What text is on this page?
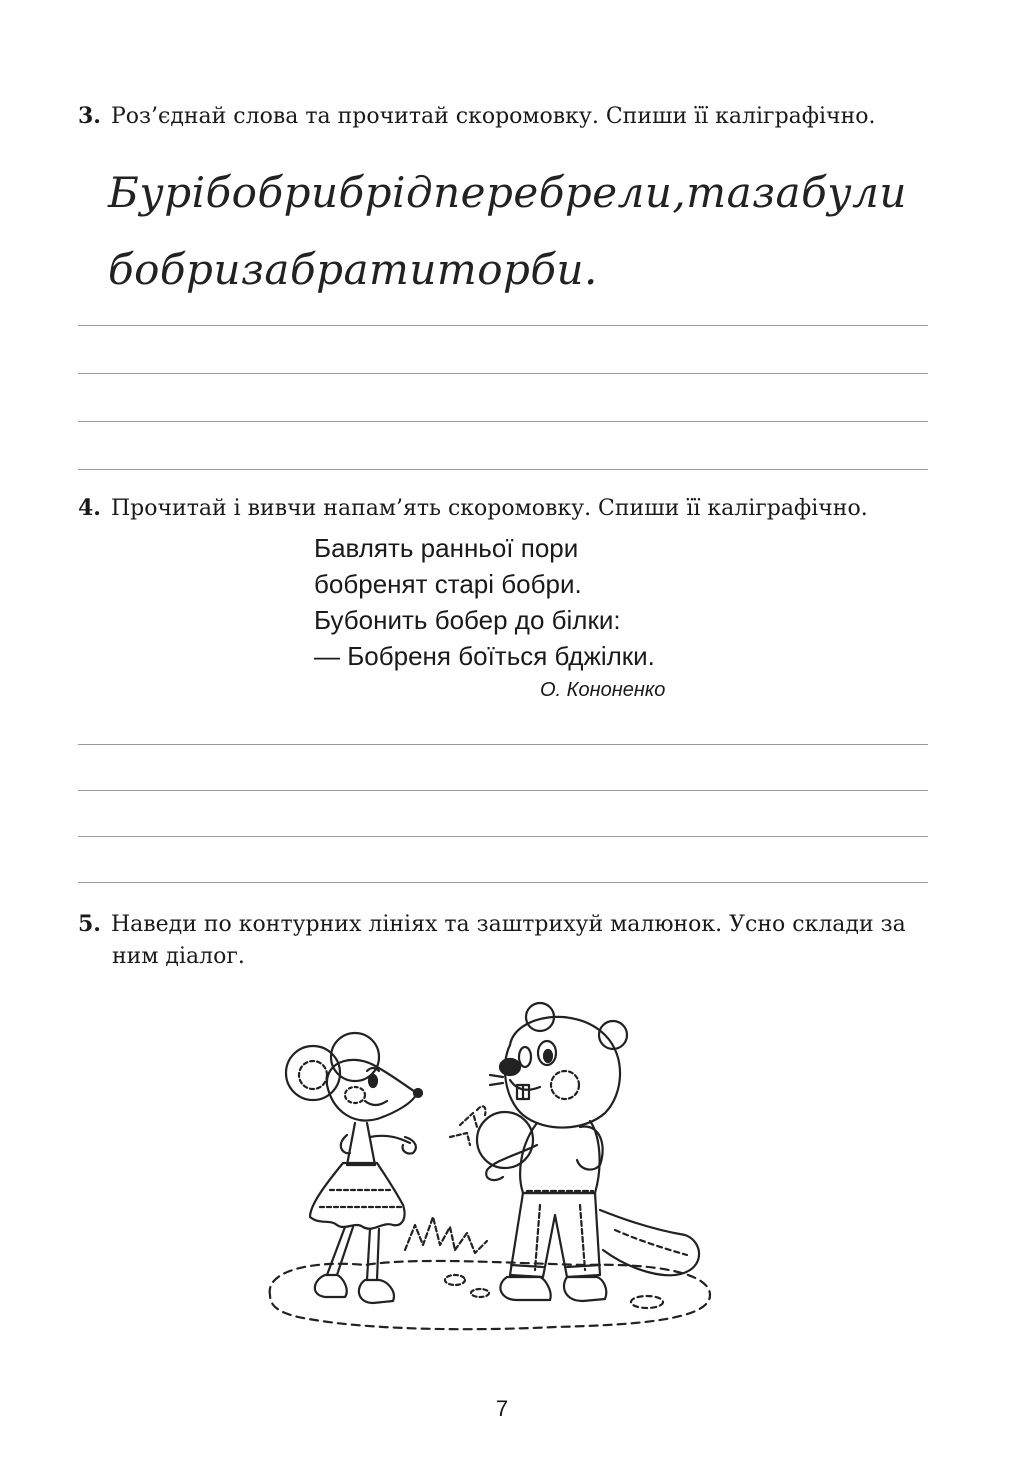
3. Роз’єднай слова та прочитай скоромовку. Спиши її каліграфічно.
Бурібобрибрідперебрели,тазабули
бобризабратиторби.
4. Прочитай і вивчи напам’ять скоромовку. Спиши її каліграфічно.
Бавлять ранньої пори
бобренят старі бобри.
Бубонить бобер до білки:
— Бобреня боїться бджілки.
О. Кононенко
5. Наведи по контурних лініях та заштрихуй малюнок. Усно склади за
ним діалог.
7
